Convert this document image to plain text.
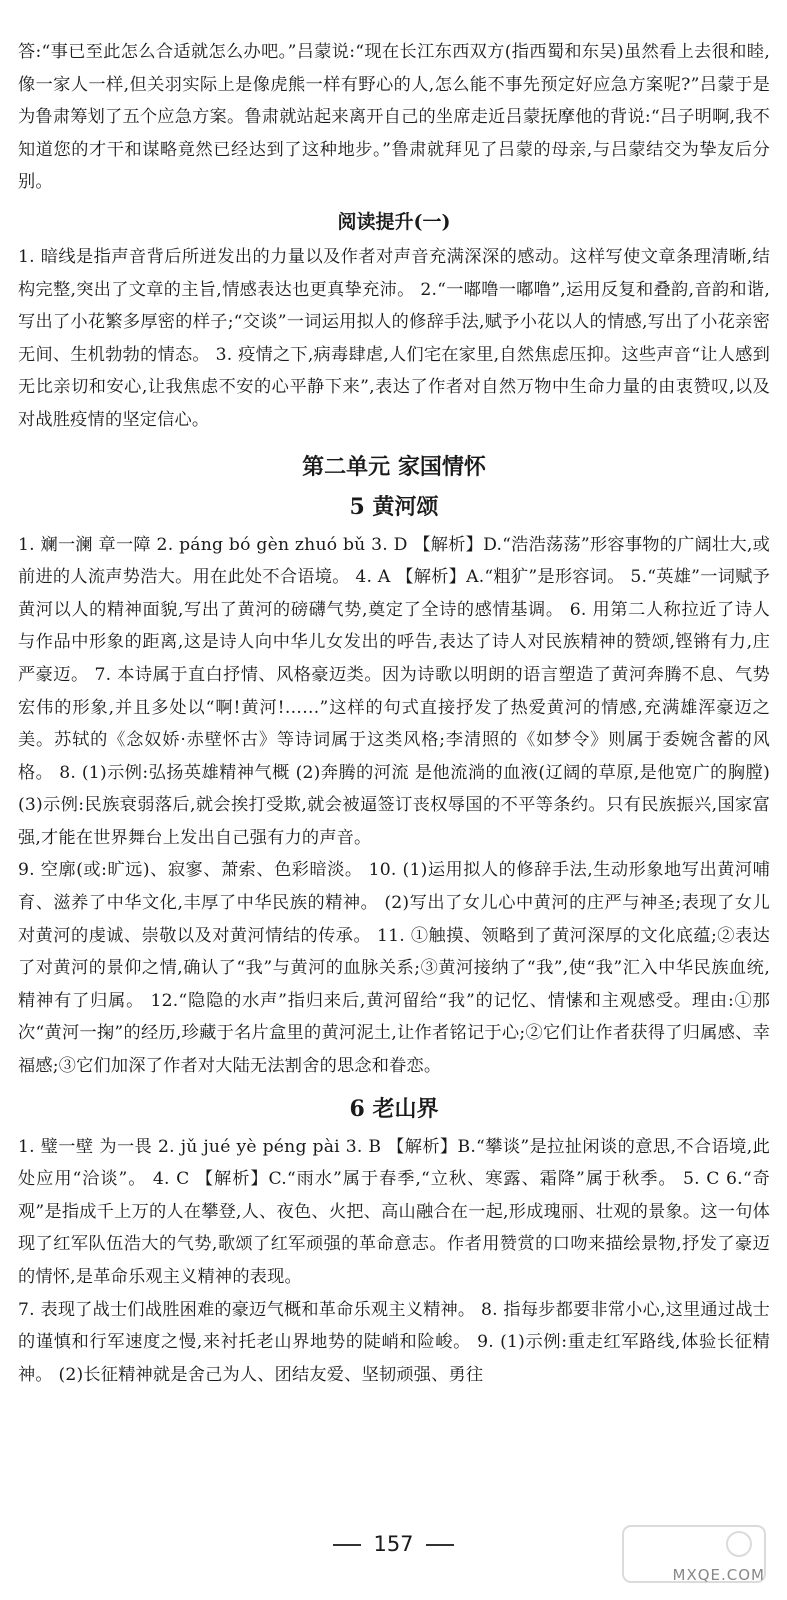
答:“事已至此怎么合适就怎么办吧。”吕蒙说:“现在长江东西双方(指西蜀和东吴)虽然看上去很和睦,像一家人一样,但关羽实际上是像虎熊一样有野心的人,怎么能不事先预定好应急方案呢?”吕蒙于是为鲁肃筹划了五个应急方案。鲁肃就站起来离开自己的坐席走近吕蒙抚摩他的背说:“吕子明啊,我不知道您的才干和谋略竟然已经达到了这种地步。”鲁肃就拜见了吕蒙的母亲,与吕蒙结交为挚友后分别。

阅读提升(一)

1. 暗线是指声音背后所迸发出的力量以及作者对声音充满深深的感动。这样写使文章条理清晰,结构完整,突出了文章的主旨,情感表达也更真挚充沛。 2.“一嘟噜一嘟噜”,运用反复和叠韵,音韵和谐,写出了小花繁多厚密的样子;“交谈”一词运用拟人的修辞手法,赋予小花以人的情感,写出了小花亲密无间、生机勃勃的情态。 3. 疫情之下,病毒肆虐,人们宅在家里,自然焦虑压抑。这些声音“让人感到无比亲切和安心,让我焦虑不安的心平静下来”,表达了作者对自然万物中生命力量的由衷赞叹,以及对战胜疫情的坚定信心。

第二单元 家国情怀
5 黄河颂

1. 斓一澜 章一障 2. páng bó gèn zhuó bǔ 3. D 【解析】D.“浩浩荡荡”形容事物的广阔壮大,或前进的人流声势浩大。用在此处不合语境。 4. A 【解析】A.“粗犷”是形容词。 5.“英雄”一词赋予黄河以人的精神面貌,写出了黄河的磅礴气势,奠定了全诗的感情基调。 6. 用第二人称拉近了诗人与作品中形象的距离,这是诗人向中华儿女发出的呼告,表达了诗人对民族精神的赞颂,铿锵有力,庄严豪迈。 7. 本诗属于直白抒情、风格豪迈类。因为诗歌以明朗的语言塑造了黄河奔腾不息、气势宏伟的形象,并且多处以“啊!黄河!……”这样的句式直接抒发了热爱黄河的情感,充满雄浑豪迈之美。苏轼的《念奴娇·赤壁怀古》等诗词属于这类风格;李清照的《如梦令》则属于委婉含蓄的风格。 8. (1)示例:弘扬英雄精神气概 (2)奔腾的河流 是他流淌的血液(辽阔的草原,是他宽广的胸膛) (3)示例:民族衰弱落后,就会挨打受欺,就会被逼签订丧权辱国的不平等条约。只有民族振兴,国家富强,才能在世界舞台上发出自己强有力的声音。

9. 空廓(或:旷远)、寂寥、萧索、色彩暗淡。 10. (1)运用拟人的修辞手法,生动形象地写出黄河哺育、滋养了中华文化,丰厚了中华民族的精神。 (2)写出了女儿心中黄河的庄严与神圣;表现了女儿对黄河的虔诚、崇敬以及对黄河情结的传承。 11. ①触摸、领略到了黄河深厚的文化底蕴;②表达了对黄河的景仰之情,确认了“我”与黄河的血脉关系;③黄河接纳了“我”,使“我”汇入中华民族血统,精神有了归属。 12.“隐隐的水声”指归来后,黄河留给“我”的记忆、情愫和主观感受。理由:①那次“黄河一掬”的经历,珍藏于名片盒里的黄河泥土,让作者铭记于心;②它们让作者获得了归属感、幸福感;③它们加深了作者对大陆无法割舍的思念和眷恋。

6 老山界

1. 璧一壁 为一畏 2. jǔ jué yè péng pài 3. B 【解析】B.“攀谈”是拉扯闲谈的意思,不合语境,此处应用“洽谈”。 4. C 【解析】C.“雨水”属于春季,“立秋、寒露、霜降”属于秋季。 5. C 6.“奇观”是指成千上万的人在攀登,人、夜色、火把、高山融合在一起,形成瑰丽、壮观的景象。这一句体现了红军队伍浩大的气势,歌颂了红军顽强的革命意志。作者用赞赏的口吻来描绘景物,抒发了豪迈的情怀,是革命乐观主义精神的表现。

7. 表现了战士们战胜困难的豪迈气概和革命乐观主义精神。 8. 指每步都要非常小心,这里通过战士的谨慎和行军速度之慢,来衬托老山界地势的陡峭和险峻。 9. (1)示例:重走红军路线,体验长征精神。 (2)长征精神就是舍己为人、团结友爱、坚韧顽强、勇往

157
MXQE.COM
